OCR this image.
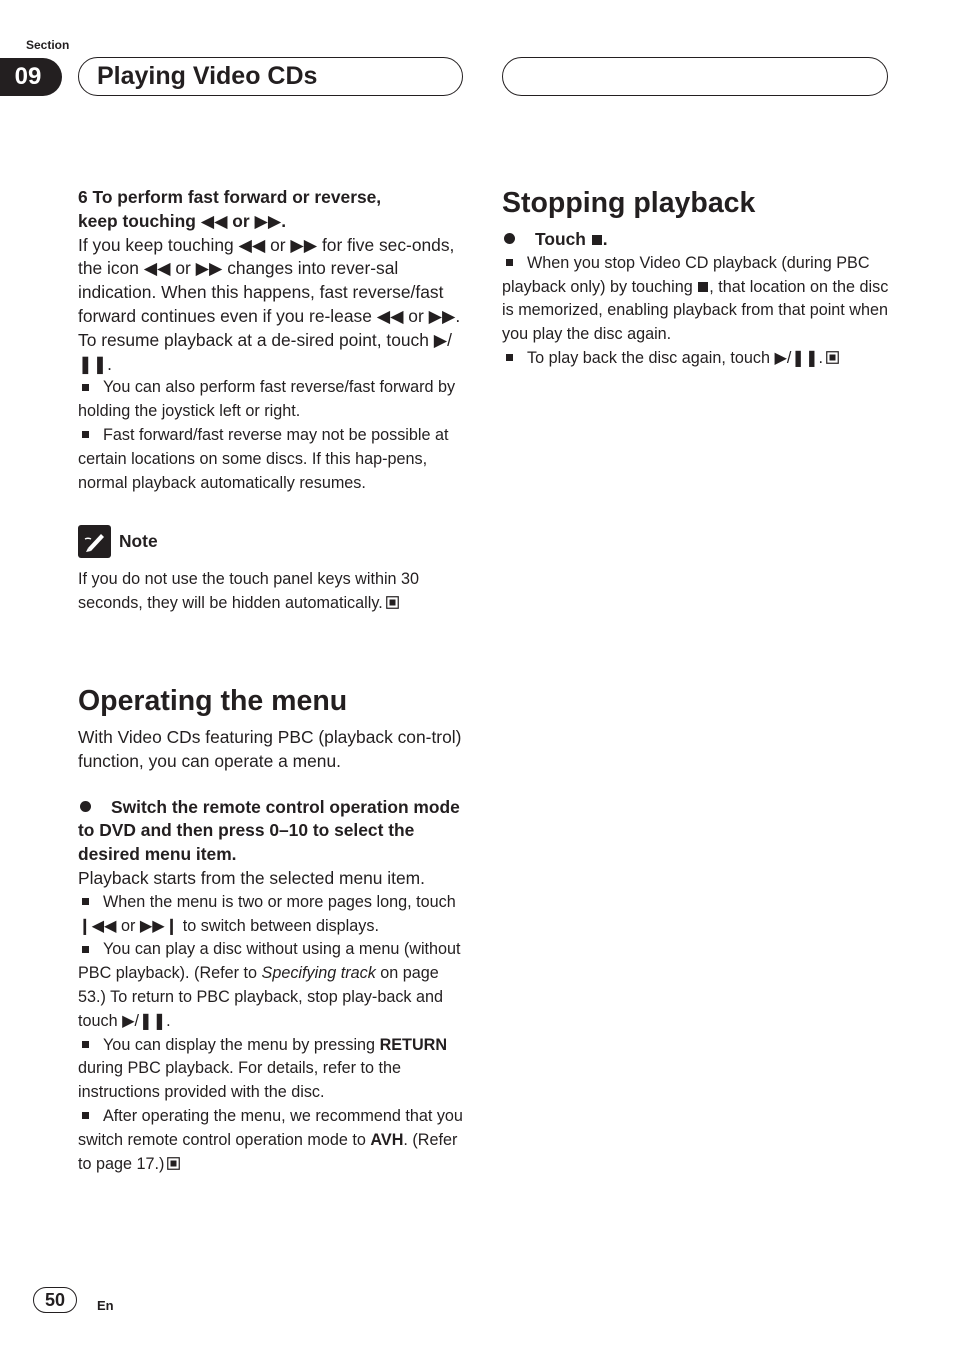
Section
09	Playing Video CDs

6 To perform fast forward or reverse,

keep touching ◀◀ or ▶▶.

If you keep touching ◀◀ or ▶▶ for five sec-onds, the icon ◀◀ or ▶▶ changes into rever-sal indication. When this happens, fast reverse/fast forward continues even if you re-lease ◀◀ or ▶▶. To resume playback at a de-sired point, touch ▶/❚❚.

You can also perform fast reverse/fast forward by holding the joystick left or right.

Fast forward/fast reverse may not be possible at certain locations on some discs. If this hap-pens, normal playback automatically resumes.

Note

If you do not use the touch panel keys within 30 seconds, they will be hidden automatically.

Operating the menu

With Video CDs featuring PBC (playback con-trol) function, you can operate a menu.

Switch the remote control operation mode to DVD and then press 0–10 to select the desired menu item.

Playback starts from the selected menu item.

When the menu is two or more pages long, touch ❙◀◀ or ▶▶❙ to switch between displays.

You can play a disc without using a menu (without PBC playback). (Refer to Specifying track on page 53.) To return to PBC playback, stop play-back and touch ▶/❚❚.

You can display the menu by pressing RETURN during PBC playback. For details, refer to the instructions provided with the disc.

After operating the menu, we recommend that you switch remote control operation mode to AVH. (Refer to page 17.)

Stopping playback

Touch .

When you stop Video CD playback (during PBC playback only) by touching , that location on the disc is memorized, enabling playback from that point when you play the disc again.

To play back the disc again, touch ▶/❚❚.

50	En
